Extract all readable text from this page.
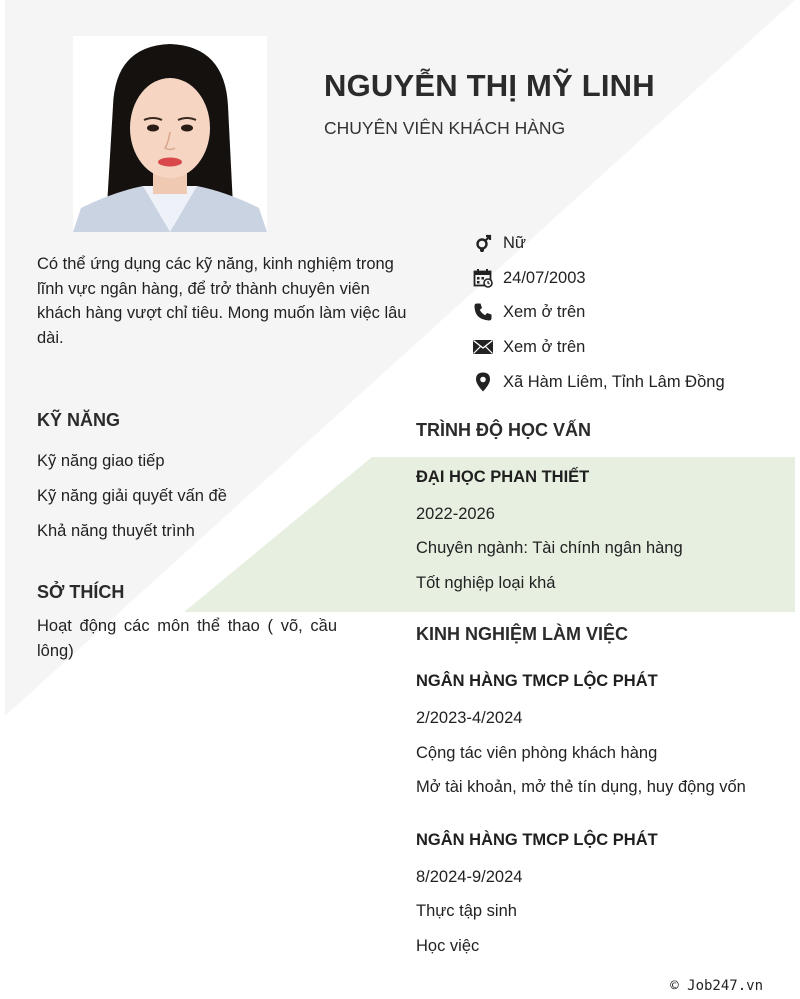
NGUYỄN THỊ MỸ LINH
CHUYÊN VIÊN KHÁCH HÀNG
Có thể ứng dụng các kỹ năng, kinh nghiệm trong lĩnh vực ngân hàng, để trở thành chuyên viên khách hàng vượt chỉ tiêu. Mong muốn làm việc lâu dài.
Nữ
24/07/2003
Xem ở trên
Xem ở trên
Xã Hàm Liêm, Tỉnh Lâm Đồng
KỸ NĂNG
Kỹ năng giao tiếp
Kỹ năng giải quyết vấn đề
Khả năng thuyết trình
SỞ THÍCH
Hoạt động các môn thể thao ( võ, cầu lông)
TRÌNH ĐỘ HỌC VẤN
ĐẠI HỌC PHAN THIẾT
2022-2026
Chuyên ngành: Tài chính ngân hàng
Tốt nghiệp loại khá
KINH NGHIỆM LÀM VIỆC
NGÂN HÀNG TMCP LỘC PHÁT
2/2023-4/2024
Cộng tác viên phòng khách hàng
Mở tài khoản, mở thẻ tín dụng, huy động vốn
NGÂN HÀNG TMCP LỘC PHÁT
8/2024-9/2024
Thực tập sinh
Học việc
© Job247.vn
